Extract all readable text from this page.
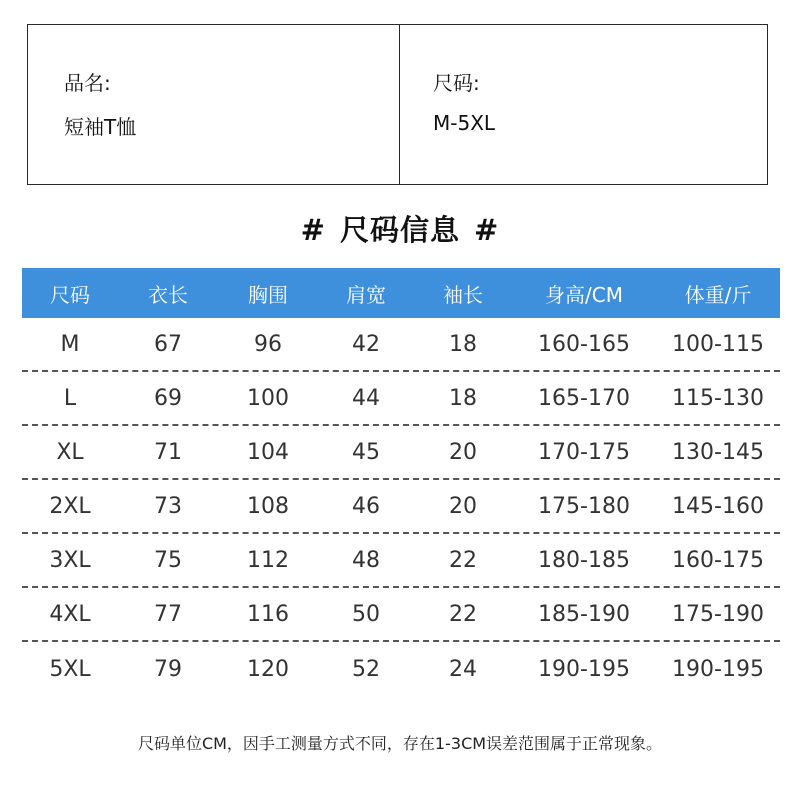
品名:
短袖T恤
尺码:
M-5XL
# 尺码信息 #
尺码	衣长	胸围	肩宽	袖长	身高/CM	体重/斤
M	67	96	42	18	160-165	100-115
L	69	100	44	18	165-170	115-130
XL	71	104	45	20	170-175	130-145
2XL	73	108	46	20	175-180	145-160
3XL	75	112	48	22	180-185	160-175
4XL	77	116	50	22	185-190	175-190
5XL	79	120	52	24	190-195	190-195
尺码单位CM，因手工测量方式不同，存在1-3CM误差范围属于正常现象。
